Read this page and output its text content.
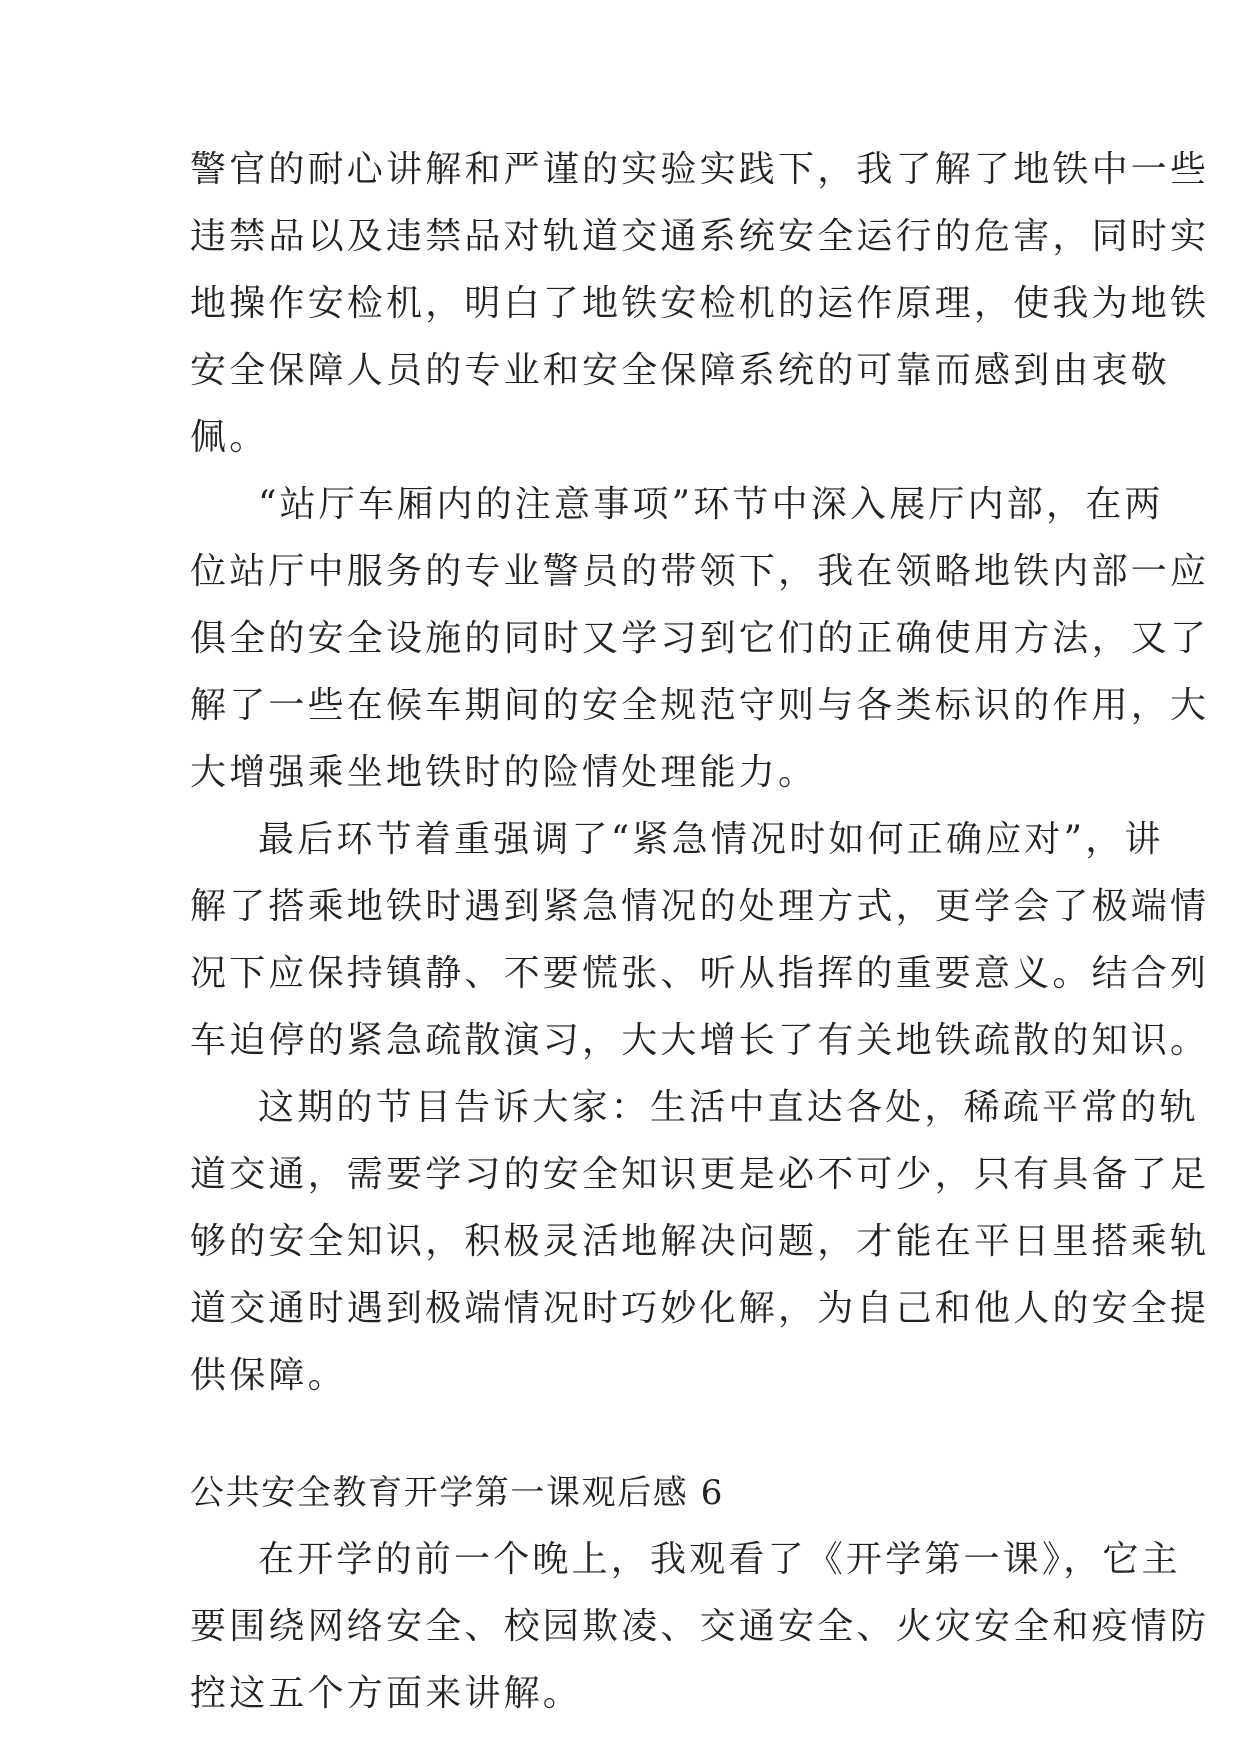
警官的耐心讲解和严谨的实验实践下，我了解了地铁中一些
违禁品以及违禁品对轨道交通系统安全运行的危害，同时实
地操作安检机，明白了地铁安检机的运作原理，使我为地铁
安全保障人员的专业和安全保障系统的可靠而感到由衷敬
佩。
“站厅车厢内的注意事项”环节中深入展厅内部，在两
位站厅中服务的专业警员的带领下，我在领略地铁内部一应
俱全的安全设施的同时又学习到它们的正确使用方法，又了
解了一些在候车期间的安全规范守则与各类标识的作用，大
大增强乘坐地铁时的险情处理能力。
最后环节着重强调了“紧急情况时如何正确应对”，讲
解了搭乘地铁时遇到紧急情况的处理方式，更学会了极端情
况下应保持镇静、不要慌张、听从指挥的重要意义。结合列
车迫停的紧急疏散演习，大大增长了有关地铁疏散的知识。
这期的节目告诉大家：生活中直达各处，稀疏平常的轨
道交通，需要学习的安全知识更是必不可少，只有具备了足
够的安全知识，积极灵活地解决问题，才能在平日里搭乘轨
道交通时遇到极端情况时巧妙化解，为自己和他人的安全提
供保障。
公共安全教育开学第一课观后感 6
在开学的前一个晚上，我观看了《开学第一课》，它主
要围绕网络安全、校园欺凌、交通安全、火灾安全和疫情防
控这五个方面来讲解。
